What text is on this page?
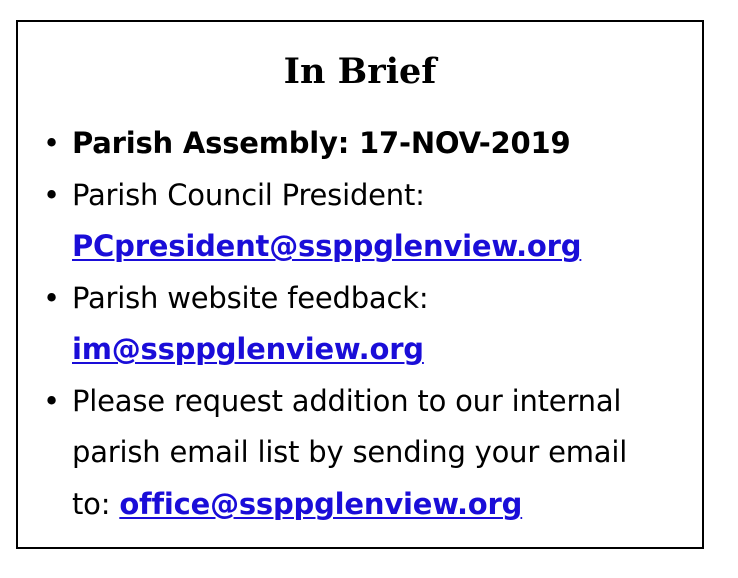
In Brief
• Parish Assembly: 17-NOV-2019
• Parish Council President:
PCpresident@ssppglenview.org
• Parish website feedback:
im@ssppglenview.org
• Please request addition to our internal
parish email list by sending your email
to: office@ssppglenview.org
